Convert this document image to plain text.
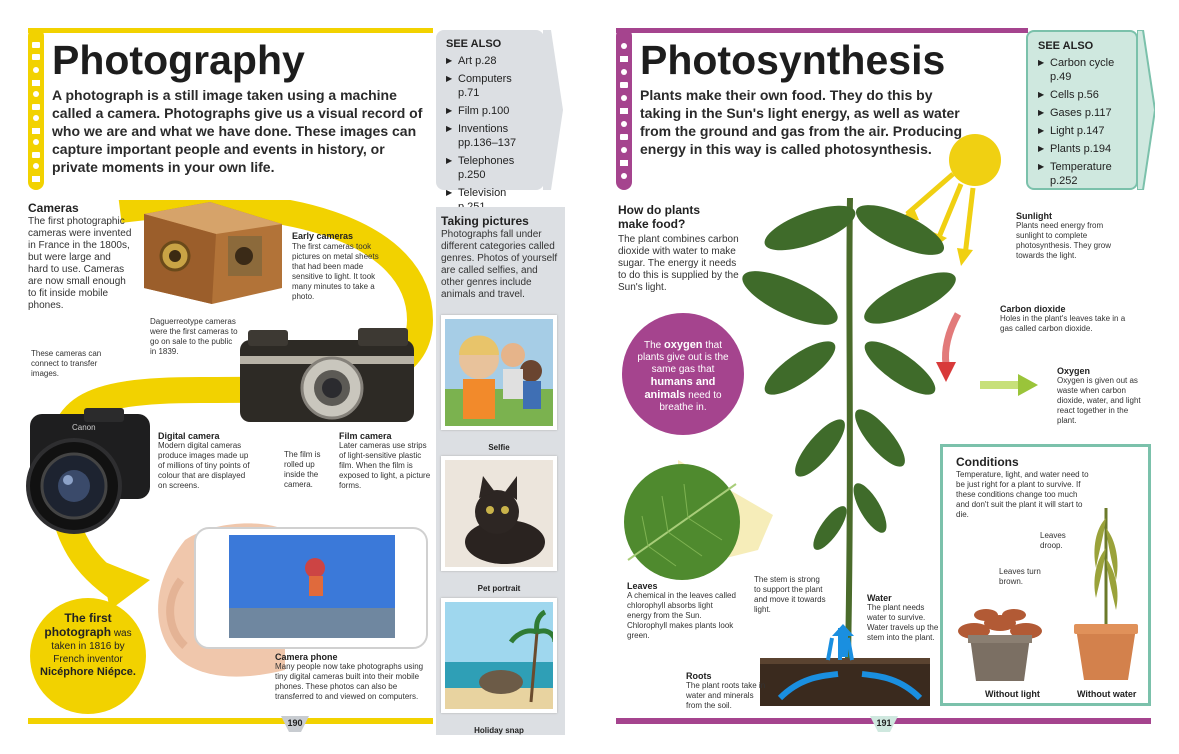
Photography

A photograph is a still image taken using a machine called a camera. Photographs give us a visual record of who we are and what we have done. These images can capture important people and events in history, or private moments in your own life.

SEE ALSO
▶ Art p.28
▶ Computers p.71
▶ Film p.100
▶ Inventions pp.136–137
▶ Telephones p.250
▶ Television

Cameras

The first photographic cameras were invented in France in the 1800s, but were large and hard to use. Cameras are now small enough to fit inside mobile phones.

Daguerreotype cameras were the first cameras to go on sale to the public in 1839.

Early cameras

The first cameras took pictures on metal sheets that had been made sensitive to light. It took many minutes to take a photo.

These cameras can connect to transfer images.

Canon

Digital camera

Modern digital cameras produce images made up of millions of tiny points of colour that are displayed on screens.

The film is rolled up inside the camera.

Film camera

Later cameras use strips of light-sensitive plastic film. When the film is exposed to light, a picture forms.

Camera phone

Many people now take photographs using tiny digital cameras built into their mobile phones. These photos can also be transferred to and viewed on computers.

The first photograph was taken in 1816 by French inventor Nicéphore Niépce.

Taking pictures

Photographs fall under different categories called genres. Photos of yourself are called selfies, and other genres include animals and travel.

Selfie

Pet portrait

Holiday snap

190
Photosynthesis

Plants make their own food. They do this by taking in the Sun's light energy, as well as water from the ground and gas from the air. Producing energy in this way is called photosynthesis.

SEE ALSO
▶ Carbon cycle p.49
▶ Cells p.56
▶ Gases p.117
▶ Light p.147
▶ Plants p.194
▶ Temperature p.252

How do plants make food?

The plant combines carbon dioxide with water to make sugar. The energy it needs to do this is supplied by the Sun's light.

The oxygen that plants give out is the same gas that humans and animals need to breathe in.

Sunlight

Plants need energy from sunlight to complete photosynthesis. They grow towards the light.

Carbon dioxide

Holes in the plant's leaves take in a gas called carbon dioxide.

Oxygen

Oxygen is given out as waste when carbon dioxide, water, and light react together in the plant.

Leaves

A chemical in the leaves called chlorophyll absorbs light energy from the Sun. Chlorophyll makes plants look green.

The stem is strong to support the plant and move it towards light.

Water

The plant needs water to survive. Water travels up the stem into the plant.

Roots

The plant roots take in water and minerals from the soil.

Conditions

Temperature, light, and water need to be just right for a plant to survive. If these conditions change too much and don't suit the plant it will start to die.

Leaves droop.

Leaves turn brown.

Without light	Without water

191
